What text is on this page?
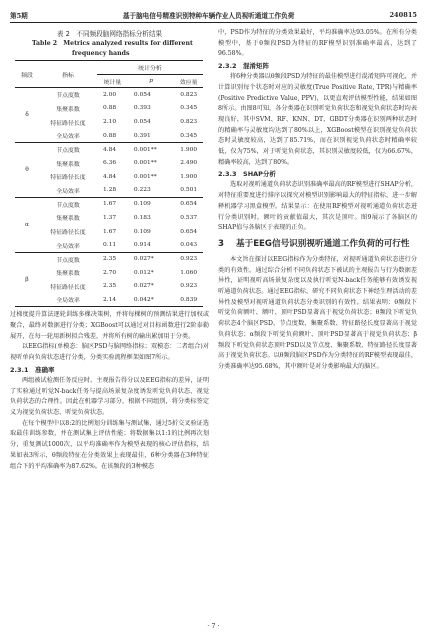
第5期	基于脑电信号精准识别特种车辆作业人员视听通道工作负荷	240815
表 2　不同频段脑网络指标分析结果
Table 2　Metrics analyzed results for different
frequency hands
频段	指标	统计分析		
		统计量	p	效应量
δ	节点度数	2.00	0.054	0.823
	集聚系数	0.88	0.393	0.345
	特征路径长度	2.10	0.054	0.823
	全局效率	0.88	0.391	0.345
θ	节点度数	4.84	0.001**	1.900
	集聚系数	6.36	0.001**	2.490
	特征路径长度	4.84	0.001**	1.900
	全局效率	1.28	0.223	0.501
α	节点度数	1.67	0.109	0.654
	集聚系数	1.37	0.183	0.537
	特征路径长度	1.67	0.109	0.654
	全局效率	0.11	0.914	0.043
β	节点度数	2.35	0.027*	0.923
	集聚系数	2.70	0.012*	1.060
	特征路径长度	2.35	0.027*	0.923
	全局效率	2.14	0.042*	0.839

过梯度提升算法逐轮训练多棵决策树，并将每棵树的预测结果进行加权或聚合，最终对数据进行分类；XGBoost可以通过对目标函数进行2阶泰勒展开，在每一轮用新树拟合残差，并将所有树的输出累加用于分类。

以EEG指标(单模态：脑区PSD与脑网络指标；双模态：二者组合)对视听单向负荷状态进行分类，分类实验流程框架如图7所示。

2.3.1　准确率

两组被试检测任务反应时、主观报告得分以及EEG指标的差异，证明了实验通过听觉N-back任务与提高场景复杂度诱发听觉负荷状态、视觉负荷状态的合理性。因此在机器学习部分，根据不同组别，将分类标签定义为视觉负荷状态、听觉负荷状态。

在每个模型中以8:2的比例划分训练集与测试集，通过5折交叉验证选取最佳训练参数，并在测试集上评估性能；将数据集以1:1的比例再次划分，重复测试1000次，以平均准确率作为模型表现的核心评估指标，结果如表3所示，θ频段特征在分类效果上表现最佳，6种分类器在3种特征组合下的平均准确率为87.62%。在该频段的3种模态

中，PSD作为特征的分类效果最好，平均准确率达93.05%。在所有分类模型中，基于θ频段PSD为特征的RF模型识别准确率最高，达到了96.58%。

2.3.2　混淆矩阵

将6种分类器以θ频段PSD为特征的最佳模型进行混淆矩阵可视化，并计算识别每个状态时对应的灵敏度(True Positive Rate, TPR)与精确率(Positive Predictive Value, PPV)，以更直观评估模型性能，结果如图8所示。由图8可知，各分类器在识别听觉负荷状态和视觉负荷状态时均表现良好，其中SVM、RF、KNN、DT、GBDT分类器在识别两种状态时的精确率与灵敏度均达到了80%以上，XGBoost模型在识别视觉负荷状态时灵敏度较高，达到了85.71%，而在识别视觉负荷状态时精确率较低，仅为75%，对于听觉负荷状态，其识别灵敏度较低，仅为66.67%，精确率较高，达到了80%。

2.3.3　SHAP分析

选取对视听通道负荷状态识别准确率最高的RF模型进行SHAP分析，对特征重要度进行排序以探究对模型识别影响最大的特征指标，进一步解释机器学习黑盒模型。结果显示：在使用RF模型对视听通道负荷状态进行分类识别时，额叶的贡献值最大，其次是顶叶。图9展示了各脑区的SHAP值与各脑区于表现的正负。

3	基于EEG信号识别视听通道工作负荷的可行性

本文旨在探讨以EEG指标作为分类特征，对视听通道负荷状态进行分类的有效性。通过综合分析不同负荷状态下被试的主观报告与行为数据差异性，证明视听高场景复杂度以及执行听觉N-back任务能够有效诱发视听通道负荷状态。通过EEG指标，研究不同负荷状态下神经生理活动的差异性及模型对视听通道负荷状态分类识别的有效性。结果表明：θ频段下听觉负荷额叶、额叶、顶叶PSD显著高于视觉负荷状态；θ频段下听觉负荷状态4个脑区PSD、节点度数、集聚系数、特征路径长度显著高于视觉负荷状态；α频段下听觉负荷额叶、顶叶PSD显著高于视觉负荷状态；β频段下听觉负荷状态顶叶PSD以及节点度、集聚系数、特征路径长度显著高于视觉负荷状态。以θ频段脑区PSD作为分类特征的RF模型表现最佳，分类准确率达95.68%，其中额叶是对分类影响最大的脑区。

· 7 ·
